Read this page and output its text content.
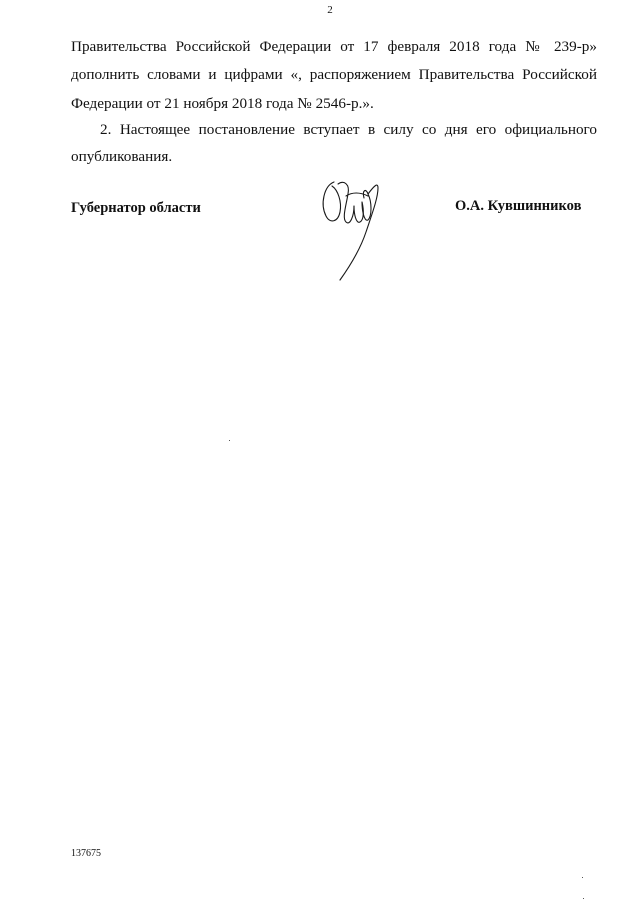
2
Правительства Российской Федерации от 17 февраля 2018 года № 239-р»
дополнить словами и цифрами «, распоряжением Правительства Российской
Федерации от 21 ноября 2018 года № 2546-р.».
2. Настоящее постановление вступает в силу со дня его официального
опубликования.
Губернатор области	О.А. Кувшинников
137675
